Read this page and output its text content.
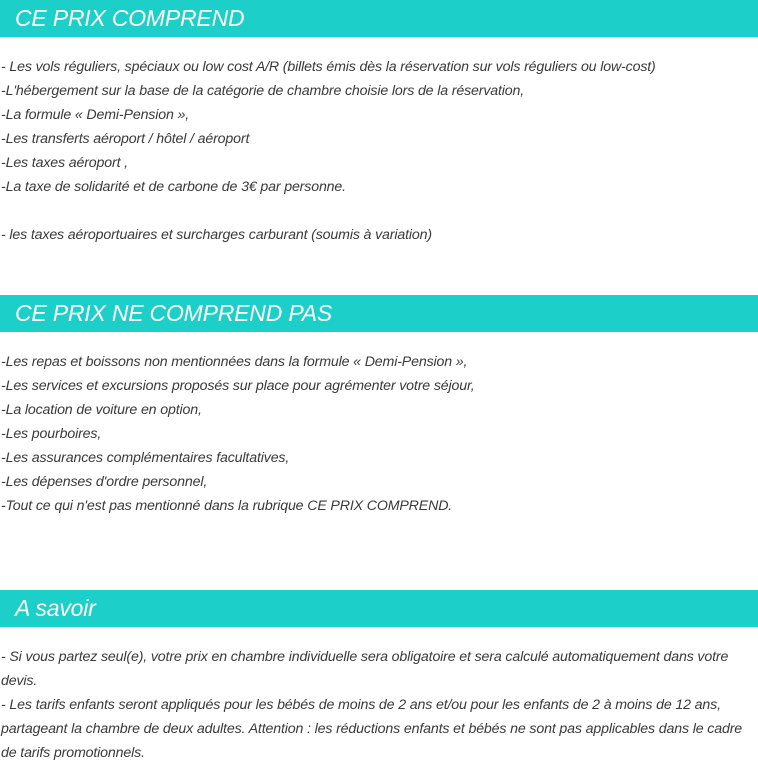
CE PRIX COMPREND
- Les vols réguliers, spéciaux ou low cost A/R (billets émis dès la réservation sur vols réguliers ou low-cost)
-L'hébergement sur la base de la catégorie de chambre choisie lors de la réservation,
-La formule « Demi-Pension »,
-Les transferts aéroport / hôtel / aéroport
-Les taxes aéroport ,
-La taxe de solidarité et de carbone de 3€ par personne.
- les taxes aéroportuaires et surcharges carburant (soumis à variation)
CE PRIX NE COMPREND PAS
-Les repas et boissons non mentionnées dans la formule « Demi-Pension »,
-Les services et excursions proposés sur place pour agrémenter votre séjour,
-La location de voiture en option,
-Les pourboires,
-Les assurances complémentaires facultatives,
-Les dépenses d'ordre personnel,
-Tout ce qui n'est pas mentionné dans la rubrique CE PRIX COMPREND.
A savoir
- Si vous partez seul(e), votre prix en chambre individuelle sera obligatoire et sera calculé automatiquement dans votre devis.
- Les tarifs enfants seront appliqués pour les bébés de moins de 2 ans et/ou pour les enfants de 2 à moins de 12 ans, partageant la chambre de deux adultes. Attention : les réductions enfants et bébés ne sont pas applicables dans le cadre de tarifs promotionnels.
